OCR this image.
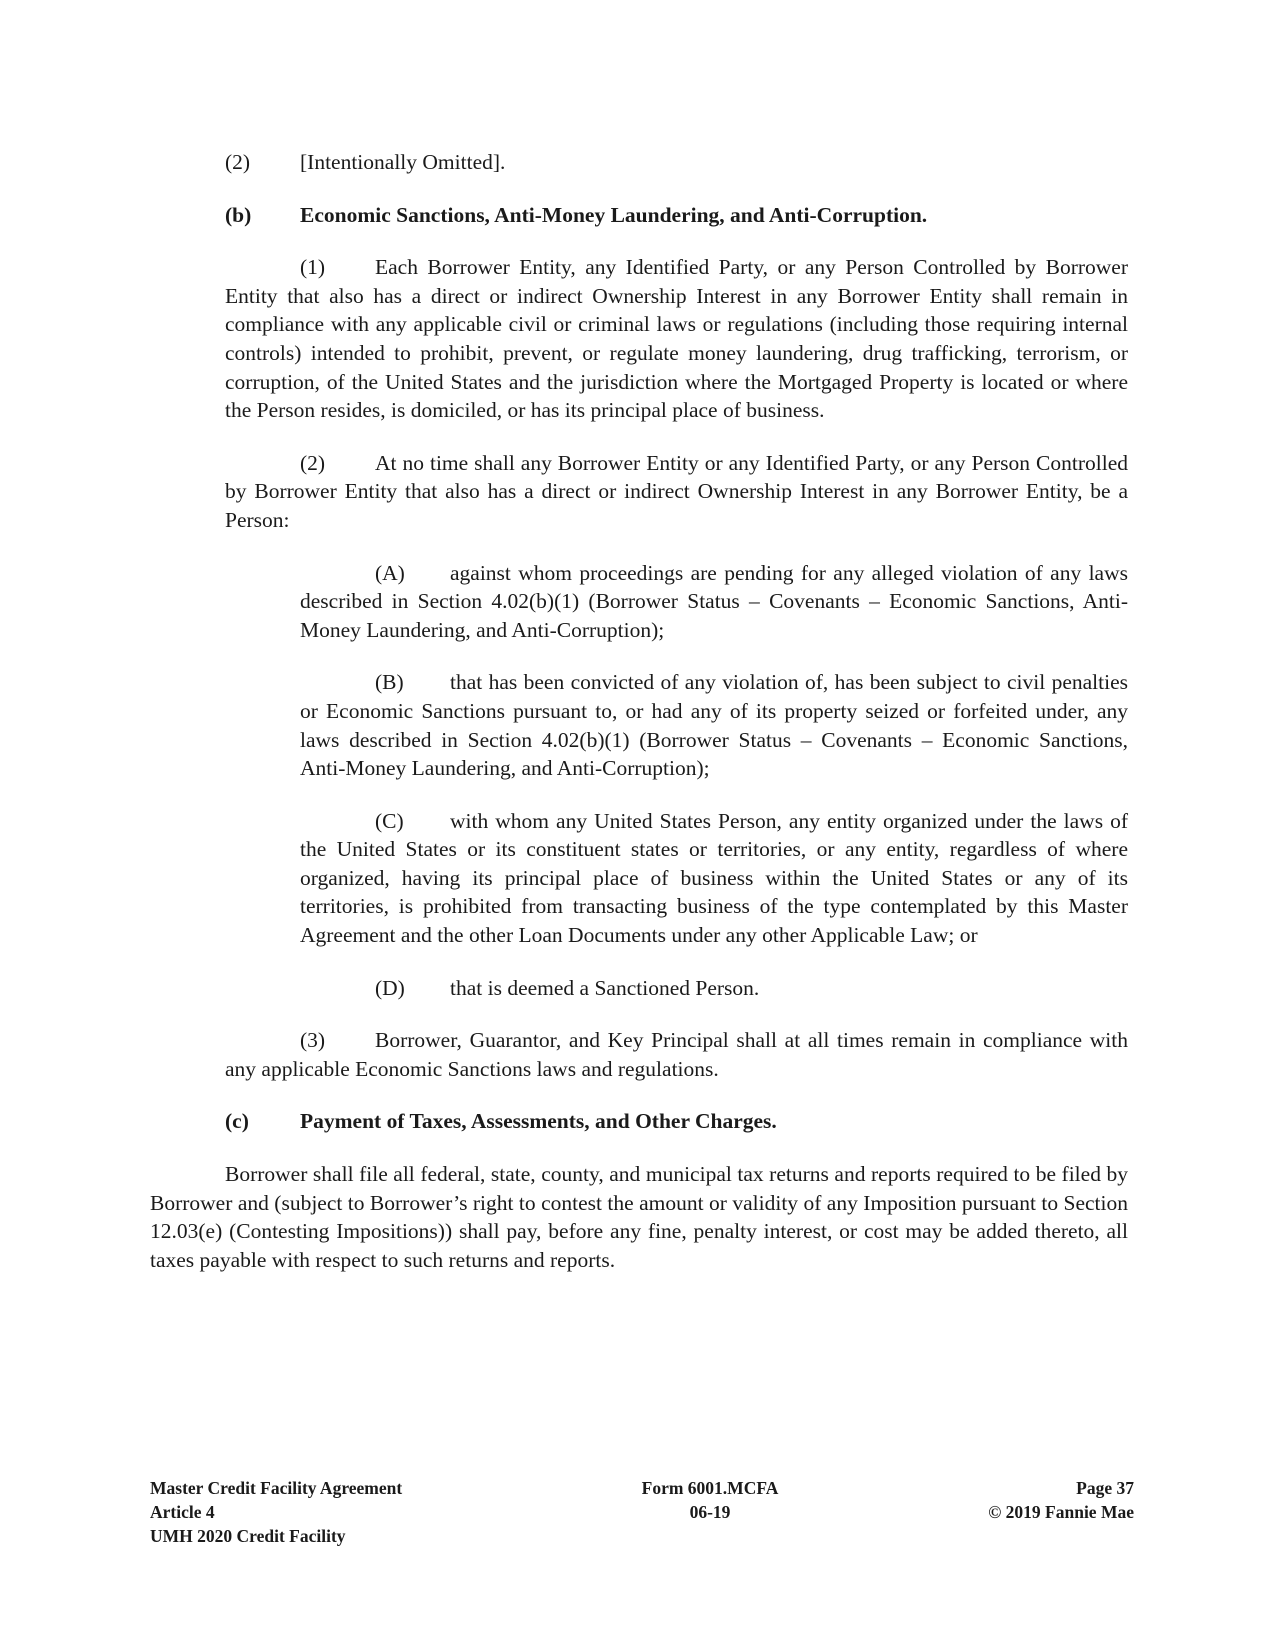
(2) [Intentionally Omitted].

(b) Economic Sanctions, Anti-Money Laundering, and Anti-Corruption.

(1) Each Borrower Entity, any Identified Party, or any Person Controlled by Borrower Entity that also has a direct or indirect Ownership Interest in any Borrower Entity shall remain in compliance with any applicable civil or criminal laws or regulations (including those requiring internal controls) intended to prohibit, prevent, or regulate money laundering, drug trafficking, terrorism, or corruption, of the United States and the jurisdiction where the Mortgaged Property is located or where the Person resides, is domiciled, or has its principal place of business.

(2) At no time shall any Borrower Entity or any Identified Party, or any Person Controlled by Borrower Entity that also has a direct or indirect Ownership Interest in any Borrower Entity, be a Person:

(A) against whom proceedings are pending for any alleged violation of any laws described in Section 4.02(b)(1) (Borrower Status – Covenants – Economic Sanctions, Anti-Money Laundering, and Anti-Corruption);

(B) that has been convicted of any violation of, has been subject to civil penalties or Economic Sanctions pursuant to, or had any of its property seized or forfeited under, any laws described in Section 4.02(b)(1) (Borrower Status – Covenants – Economic Sanctions, Anti-Money Laundering, and Anti-Corruption);

(C) with whom any United States Person, any entity organized under the laws of the United States or its constituent states or territories, or any entity, regardless of where organized, having its principal place of business within the United States or any of its territories, is prohibited from transacting business of the type contemplated by this Master Agreement and the other Loan Documents under any other Applicable Law; or

(D) that is deemed a Sanctioned Person.

(3) Borrower, Guarantor, and Key Principal shall at all times remain in compliance with any applicable Economic Sanctions laws and regulations.

(c) Payment of Taxes, Assessments, and Other Charges.

Borrower shall file all federal, state, county, and municipal tax returns and reports required to be filed by Borrower and (subject to Borrower’s right to contest the amount or validity of any Imposition pursuant to Section 12.03(e) (Contesting Impositions)) shall pay, before any fine, penalty interest, or cost may be added thereto, all taxes payable with respect to such returns and reports.

Master Credit Facility Agreement
Article 4
UMH 2020 Credit Facility
Form 6001.MCFA
06-19
Page 37
© 2019 Fannie Mae
